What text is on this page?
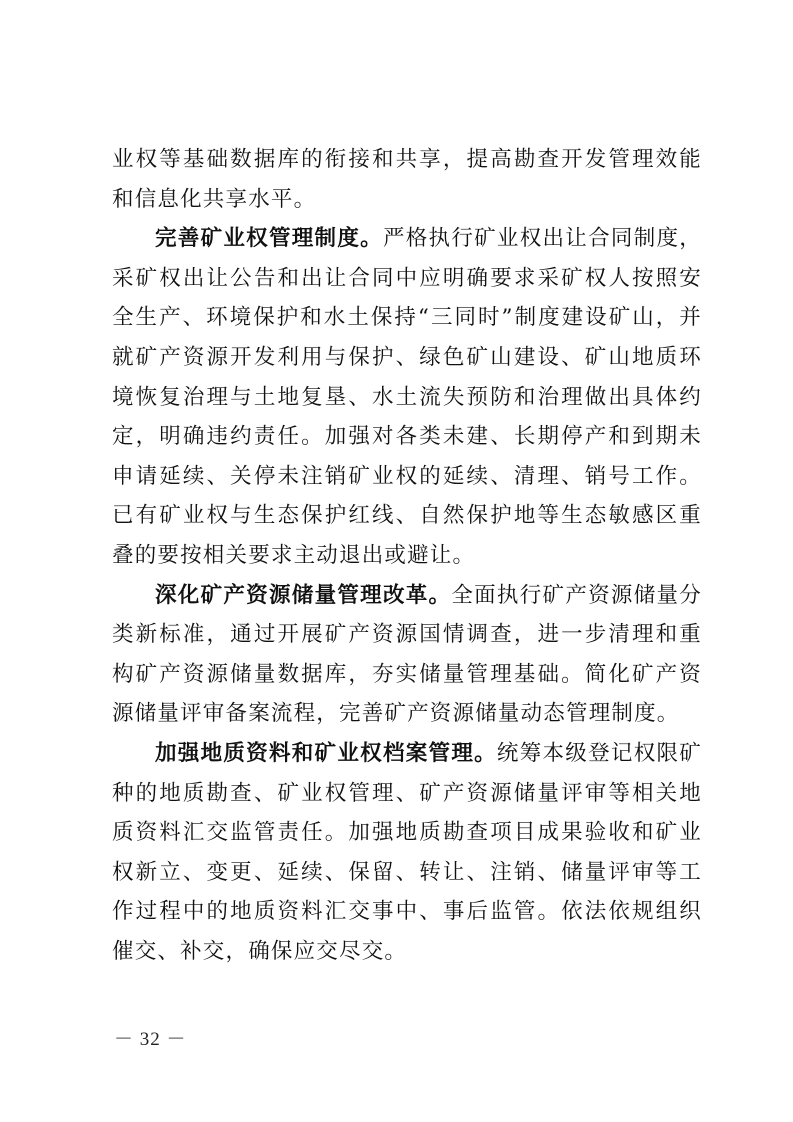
业权等基础数据库的衔接和共享，提高勘查开发管理效能和信息化共享水平。

完善矿业权管理制度。严格执行矿业权出让合同制度，采矿权出让公告和出让合同中应明确要求采矿权人按照安全生产、环境保护和水土保持“三同时”制度建设矿山，并就矿产资源开发利用与保护、绿色矿山建设、矿山地质环境恢复治理与土地复垦、水土流失预防和治理做出具体约定，明确违约责任。加强对各类未建、长期停产和到期未申请延续、关停未注销矿业权的延续、清理、销号工作。已有矿业权与生态保护红线、自然保护地等生态敏感区重叠的要按相关要求主动退出或避让。

深化矿产资源储量管理改革。全面执行矿产资源储量分类新标准，通过开展矿产资源国情调查，进一步清理和重构矿产资源储量数据库，夯实储量管理基础。简化矿产资源储量评审备案流程，完善矿产资源储量动态管理制度。

加强地质资料和矿业权档案管理。统筹本级登记权限矿种的地质勘查、矿业权管理、矿产资源储量评审等相关地质资料汇交监管责任。加强地质勘查项目成果验收和矿业权新立、变更、延续、保留、转让、注销、储量评审等工作过程中的地质资料汇交事中、事后监管。依法依规组织催交、补交，确保应交尽交。

－ 32 －
